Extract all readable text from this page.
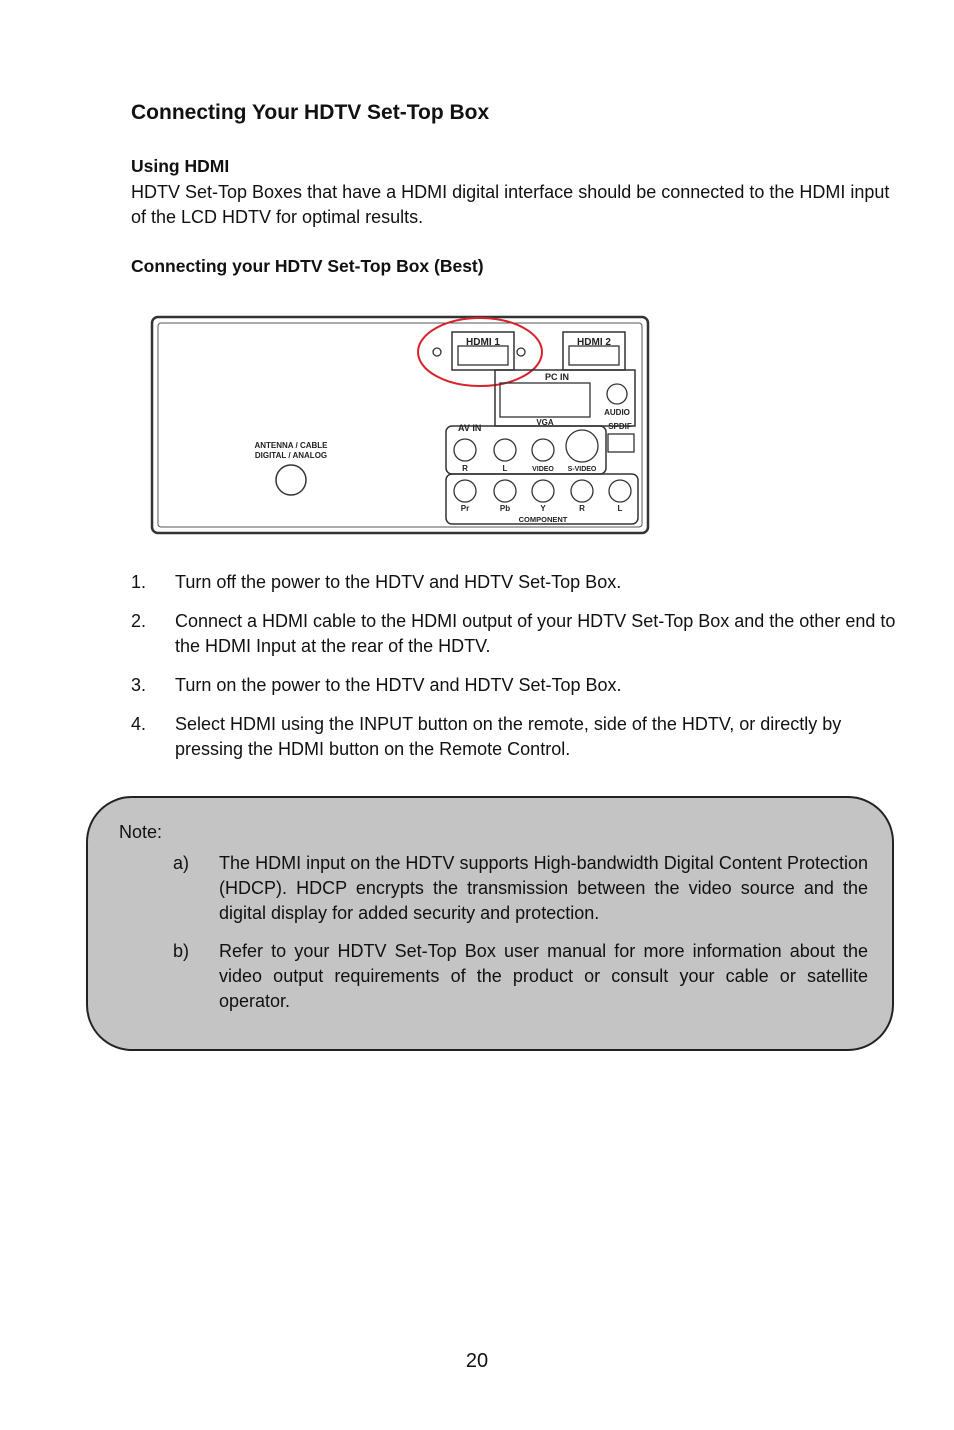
Connecting Your HDTV Set-Top Box
Using HDMI
HDTV Set-Top Boxes that have a HDMI digital interface should be connected to the HDMI input of the LCD HDTV for optimal results.
Connecting your HDTV Set-Top Box (Best)
HDMI 1	HDMI 2
PC IN
VGA
AUDIO
SPDIF
AV IN
R	L	VIDEO S-VIDEO
Pr	Pb	Y	R	L
COMPONENT
ANTENNA / CABLE
DIGITAL / ANALOG
1.	Turn off the power to the HDTV and HDTV Set-Top Box.
2.	Connect a HDMI cable to the HDMI output of your HDTV Set-Top Box and the other end to the HDMI Input at the rear of the HDTV.
3.	Turn on the power to the HDTV and HDTV Set-Top Box.
4.	Select HDMI using the INPUT button on the remote, side of the HDTV, or directly by pressing the HDMI button on the Remote Control.
Note:
a)	The HDMI input on the HDTV supports High-bandwidth Digital Content Protection (HDCP). HDCP encrypts the transmission between the video source and the digital display for added security and protection.
b)	Refer to your HDTV Set-Top Box user manual for more information about the video output requirements of the product or consult your cable or satellite operator.
20
